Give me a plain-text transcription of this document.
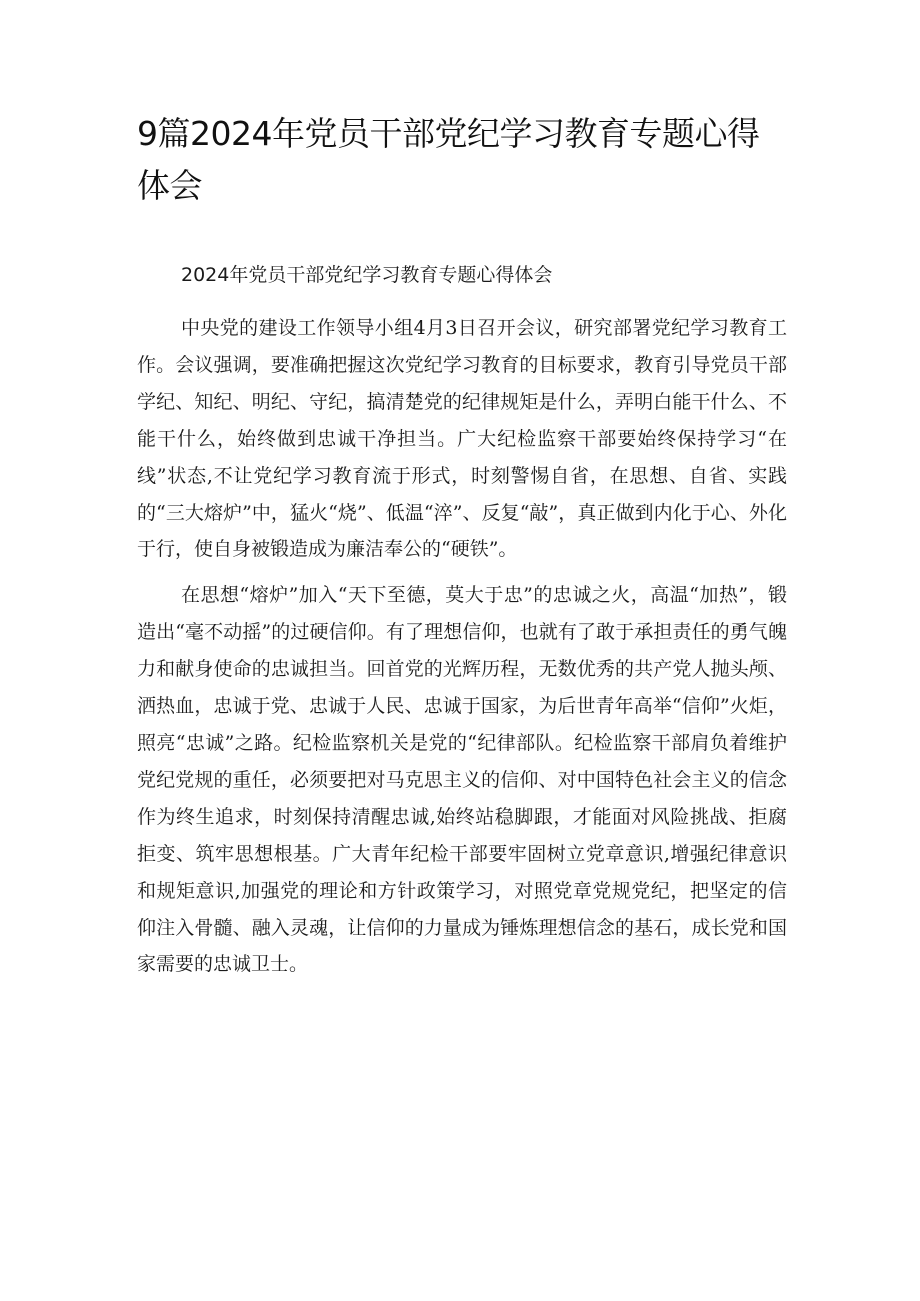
9篇2024年党员干部党纪学习教育专题心得体会

2024年党员干部党纪学习教育专题心得体会

中央党的建设工作领导小组4月3日召开会议，研究部署党纪学习教育工作。会议强调，要准确把握这次党纪学习教育的目标要求，教育引导党员干部学纪、知纪、明纪、守纪，搞清楚党的纪律规矩是什么，弄明白能干什么、不能干什么，始终做到忠诚干净担当。广大纪检监察干部要始终保持学习“在线”状态,不让党纪学习教育流于形式，时刻警惕自省，在思想、自省、实践的“三大熔炉”中，猛火“烧”、低温“淬”、反复“敲”，真正做到内化于心、外化于行，使自身被锻造成为廉洁奉公的“硬铁”。

在思想“熔炉”加入“天下至德，莫大于忠”的忠诚之火，高温“加热”，锻造出“毫不动摇”的过硬信仰。有了理想信仰，也就有了敢于承担责任的勇气魄力和献身使命的忠诚担当。回首党的光辉历程，无数优秀的共产党人抛头颅、洒热血，忠诚于党、忠诚于人民、忠诚于国家，为后世青年高举“信仰”火炬，照亮“忠诚”之路。纪检监察机关是党的“纪律部队。纪检监察干部肩负着维护党纪党规的重任，必须要把对马克思主义的信仰、对中国特色社会主义的信念作为终生追求，时刻保持清醒忠诚,始终站稳脚跟，才能面对风险挑战、拒腐拒变、筑牢思想根基。广大青年纪检干部要牢固树立党章意识,增强纪律意识和规矩意识,加强党的理论和方针政策学习，对照党章党规党纪，把坚定的信仰注入骨髓、融入灵魂，让信仰的力量成为锤炼理想信念的基石，成长党和国家需要的忠诚卫士。
